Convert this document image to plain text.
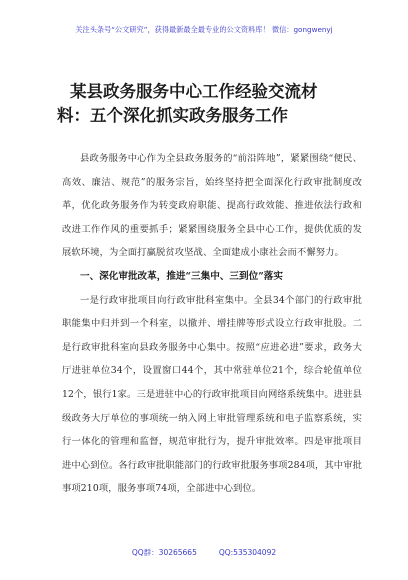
关注头条号“公文研究”，获得最新最全最专业的公文资料库！ 微信：gongwenyj
某县政务服务中心工作经验交流材
料：五个深化抓实政务服务工作

县政务服务中心作为全县政务服务的“前沿阵地”，紧紧围绕“便民、高效、廉洁、规范”的服务宗旨，始终坚持把全面深化行政审批制度改革，优化政务服务作为转变政府职能、提高行政效能、推进依法行政和改进工作作风的重要抓手；紧紧围绕服务全县中心工作，提供优质的发展软环境，为全面打赢脱贫攻坚战、全面建成小康社会而不懈努力。

一、深化审批改革，推进“三集中、三到位”落实

一是行政审批项目向行政审批科室集中。全县34个部门的行政审批职能集中归并到一个科室，以撤并、增挂牌等形式设立行政审批股。二是行政审批科室向县政务服务中心集中。按照“应进必进”要求，政务大厅进驻单位34个，设置窗口44个，其中常驻单位21个，综合轮值单位12个，银行1家。三是进驻中心的行政审批项目向网络系统集中。进驻县级政务大厅单位的事项统一纳入网上审批管理系统和电子监察系统，实行一体化的管理和监督，规范审批行为，提升审批效率。四是审批项目进中心到位。各行政审批职能部门的行政审批服务事项284项，其中审批事项210项，服务事项74项，全部进中心到位。

QQ群：30265665	QQ:535304092
